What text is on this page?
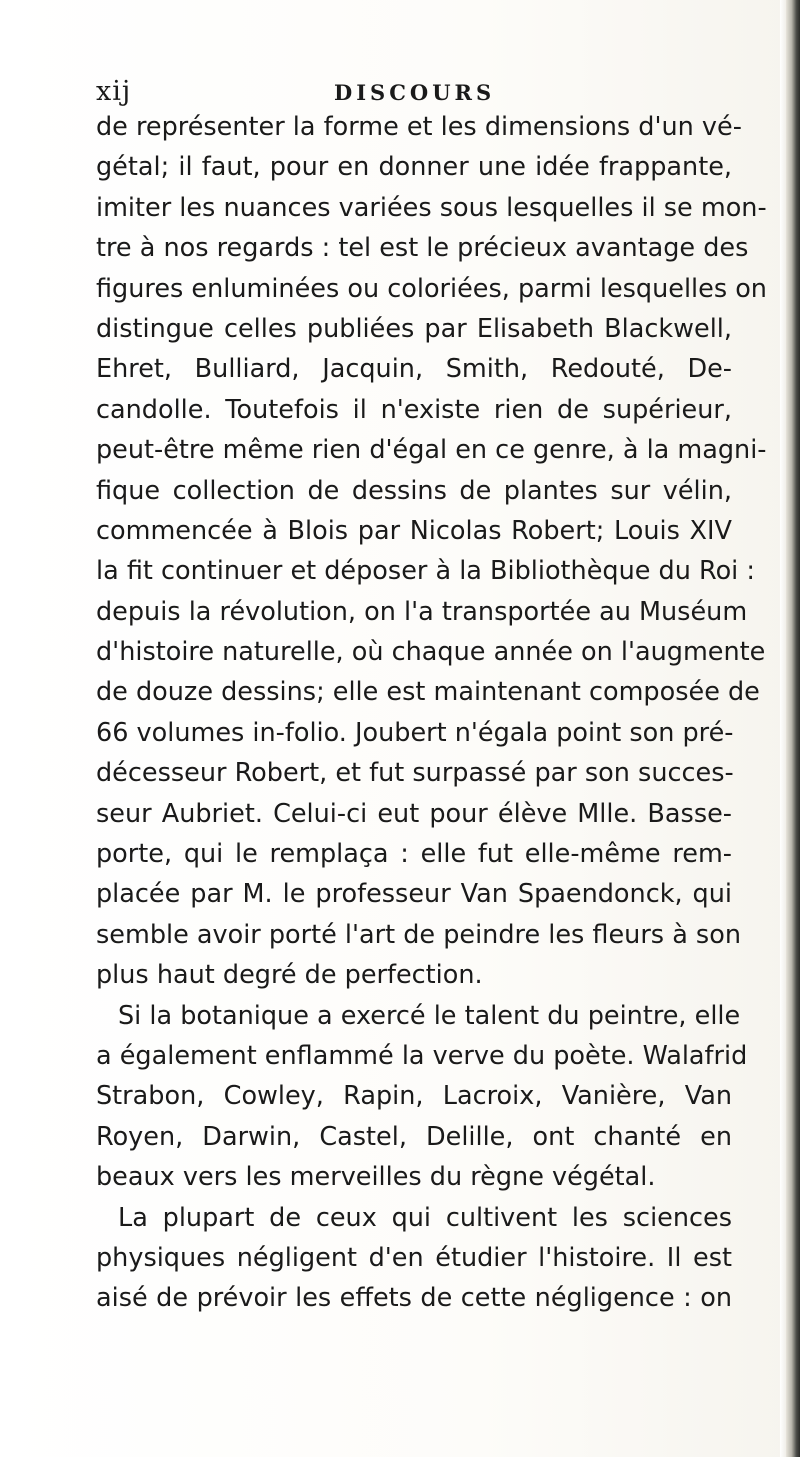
xij	DISCOURS
de représenter la forme et les dimensions d'un vé-
gétal; il faut, pour en donner une idée frappante,
imiter les nuances variées sous lesquelles il se mon-
tre à nos regards : tel est le précieux avantage des
figures enluminées ou coloriées, parmi lesquelles on
distingue celles publiées par Elisabeth Blackwell,
Ehret, Bulliard, Jacquin, Smith, Redouté, De-
candolle. Toutefois il n'existe rien de supérieur,
peut-être même rien d'égal en ce genre, à la magni-
fique collection de dessins de plantes sur vélin,
commencée à Blois par Nicolas Robert; Louis XIV
la fit continuer et déposer à la Bibliothèque du Roi :
depuis la révolution, on l'a transportée au Muséum
d'histoire naturelle, où chaque année on l'augmente
de douze dessins; elle est maintenant composée de
66 volumes in-folio. Joubert n'égala point son pré-
décesseur Robert, et fut surpassé par son succes-
seur Aubriet. Celui-ci eut pour élève Mlle. Basse-
porte, qui le remplaça : elle fut elle-même rem-
placée par M. le professeur Van Spaendonck, qui
semble avoir porté l'art de peindre les fleurs à son
plus haut degré de perfection.
Si la botanique a exercé le talent du peintre, elle
a également enflammé la verve du poète. Walafrid
Strabon, Cowley, Rapin, Lacroix, Vanière, Van
Royen, Darwin, Castel, Delille, ont chanté en
beaux vers les merveilles du règne végétal.
La plupart de ceux qui cultivent les sciences
physiques négligent d'en étudier l'histoire. Il est
aisé de prévoir les effets de cette négligence : on
